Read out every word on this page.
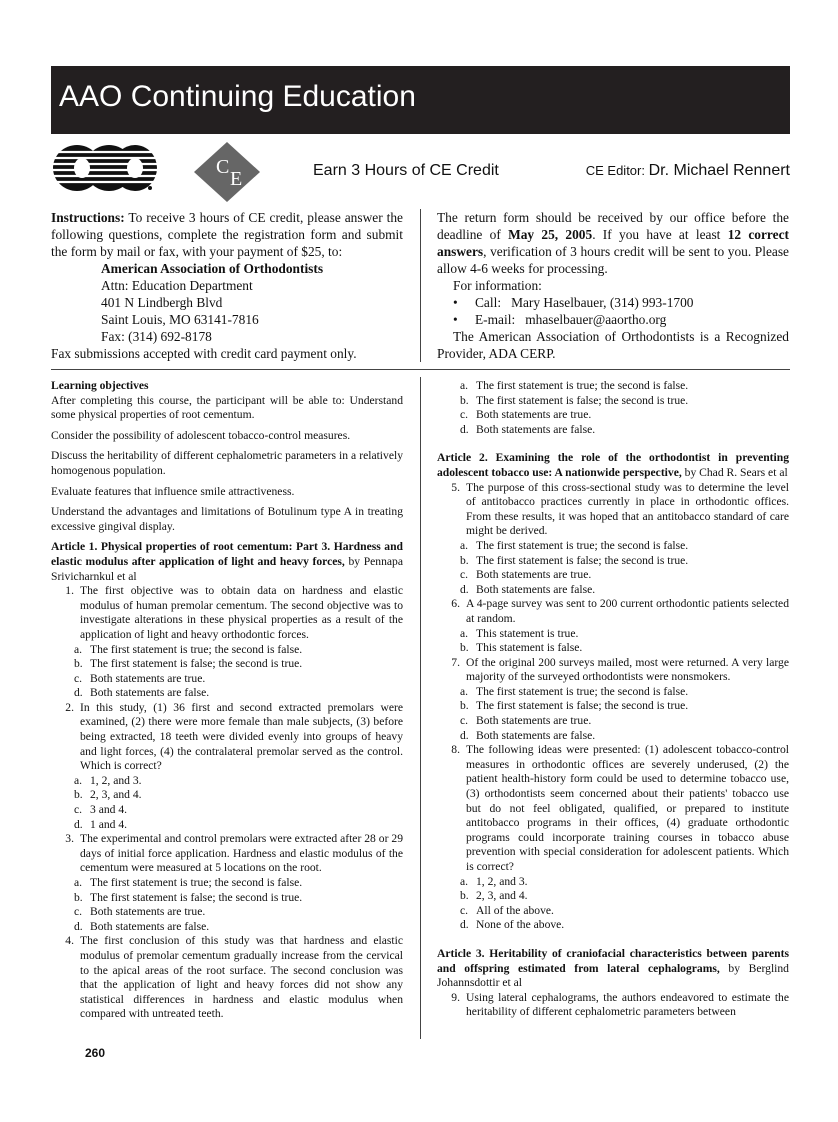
AAO Continuing Education
C
E	Earn 3 Hours of CE Credit	CE Editor: Dr. Michael Rennert

Instructions: To receive 3 hours of CE credit, please answer the following questions, complete the registration form and submit the form by mail or fax, with your payment of $25, to:

American Association of Orthodontists
Attn: Education Department
401 N Lindbergh Blvd
Saint Louis, MO 63141-7816
Fax: (314) 692-8178
Fax submissions accepted with credit card payment only.

The return form should be received by our office before the deadline of May 25, 2005. If you have at least 12 correct answers, verification of 3 hours credit will be sent to you. Please allow 4-6 weeks for processing.

For information:
• Call:   Mary Haselbauer, (314) 993-1700
• E-mail:   mhaselbauer@aaortho.org

The American Association of Orthodontists is a Recognized Provider, ADA CERP.

Learning objectives

After completing this course, the participant will be able to: Understand some physical properties of root cementum.

Consider the possibility of adolescent tobacco-control measures.

Discuss the heritability of different cephalometric parameters in a relatively homogenous population.

Evaluate features that influence smile attractiveness.

Understand the advantages and limitations of Botulinum type A in treating excessive gingival display.

Article 1. Physical properties of root cementum: Part 3. Hardness and elastic modulus after application of light and heavy forces, by Pennapa Srivicharnkul et al

1. The first objective was to obtain data on hardness and elastic modulus of human premolar cementum. The second objective was to investigate alterations in these physical properties as a result of the application of light and heavy orthodontic forces.
a. The first statement is true; the second is false.
b. The first statement is false; the second is true.
c. Both statements are true.
d. Both statements are false.
2. In this study, (1) 36 first and second extracted premolars were examined, (2) there were more female than male subjects, (3) before being extracted, 18 teeth were divided evenly into groups of heavy and light forces, (4) the contralateral premolar served as the control. Which is correct?
a. 1, 2, and 3.
b. 2, 3, and 4.
c. 3 and 4.
d. 1 and 4.
3. The experimental and control premolars were extracted after 28 or 29 days of initial force application. Hardness and elastic modulus of the cementum were measured at 5 locations on the root.
a. The first statement is true; the second is false.
b. The first statement is false; the second is true.
c. Both statements are true.
d. Both statements are false.
4. The first conclusion of this study was that hardness and elastic modulus of premolar cementum gradually increase from the cervical to the apical areas of the root surface. The second conclusion was that the application of light and heavy forces did not show any statistical differences in hardness and elastic modulus when compared with untreated teeth.
a. The first statement is true; the second is false.
b. The first statement is false; the second is true.
c. Both statements are true.
d. Both statements are false.

Article 2. Examining the role of the orthodontist in preventing adolescent tobacco use: A nationwide perspective, by Chad R. Sears et al

5. The purpose of this cross-sectional study was to determine the level of antitobacco practices currently in place in orthodontic offices. From these results, it was hoped that an antitobacco standard of care might be derived.
a. The first statement is true; the second is false.
b. The first statement is false; the second is true.
c. Both statements are true.
d. Both statements are false.
6. A 4-page survey was sent to 200 current orthodontic patients selected at random.
a. This statement is true.
b. This statement is false.
7. Of the original 200 surveys mailed, most were returned. A very large majority of the surveyed orthodontists were nonsmokers.
a. The first statement is true; the second is false.
b. The first statement is false; the second is true.
c. Both statements are true.
d. Both statements are false.
8. The following ideas were presented: (1) adolescent tobacco-control measures in orthodontic offices are severely underused, (2) the patient health-history form could be used to determine tobacco use, (3) orthodontists seem concerned about their patients' tobacco use but do not feel obligated, qualified, or prepared to institute antitobacco programs in their offices, (4) graduate orthodontic programs could incorporate training courses in tobacco abuse prevention with special consideration for adolescent patients. Which is correct?
a. 1, 2, and 3.
b. 2, 3, and 4.
c. All of the above.
d. None of the above.

Article 3. Heritability of craniofacial characteristics between parents and offspring estimated from lateral cephalograms, by Berglind Johannsdottir et al

9. Using lateral cephalograms, the authors endeavored to estimate the heritability of different cephalometric parameters between
260
